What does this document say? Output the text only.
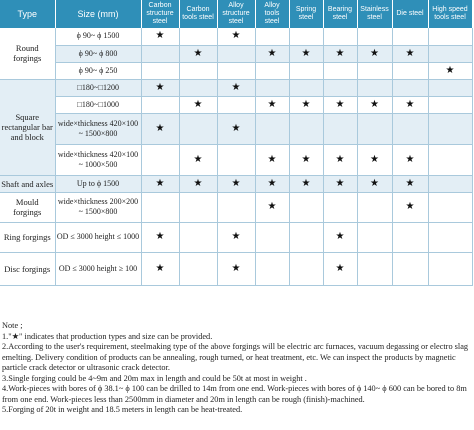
Type	Size (mm)	Carbon structure steel	Carbon tools steel	Alloy structure steel	Alloy tools steel	Spring steel	Bearing steel	Stainless steel	Die steel	High speed tools steel
Round forgings	ϕ 90~ ϕ 1500	★		★						
	ϕ 90~ ϕ 800		★		★	★	★	★	★	
	ϕ 90~ ϕ 250									★
Square rectangular bar and block	□180~□1200	★		★						
	□180~□1000		★		★	★	★	★	★	
	wide×thickness 420×100 ~ 1500×800	★		★						
	wide×thickness 420×100 ~ 1000×500		★		★	★	★	★	★	
Shaft and axles	Up to ϕ 1500	★	★	★	★	★	★	★	★	
Mould forgings	wide×thickness 200×200 ~ 1500×800				★				★	
Ring forgings	OD ≤ 3000 height ≤ 1000	★		★			★			
Disc forgings	OD ≤ 3000 height ≥ 100	★		★			★			

Note ;

1."★" indicates that production types and size can be provided.

2.According to the user's requirement, steelmaking type of the above forgings will be electric arc furnaces, vacuum degassing or electro slag emelting. Delivery condition of products can be annealing, rough turned, or heat treatment, etc. We can inspect the products by magnetic particle crack detector or ultrasonic crack detector.

3.Single forging could be 4~9m and 20m max in length and could be 50t at most in weight .

4.Work-pieces with bores of ϕ 38.1~ ϕ 100 can be drilled to 14m from one end. Work-pieces with bores of ϕ 140~ ϕ 600 can be bored to 8m from one end. Work-pieces less than 2500mm in diameter and 20m in length can be rough (finish)-machined.

5.Forging of 20t in weight and 18.5 meters in length can be heat-treated.
